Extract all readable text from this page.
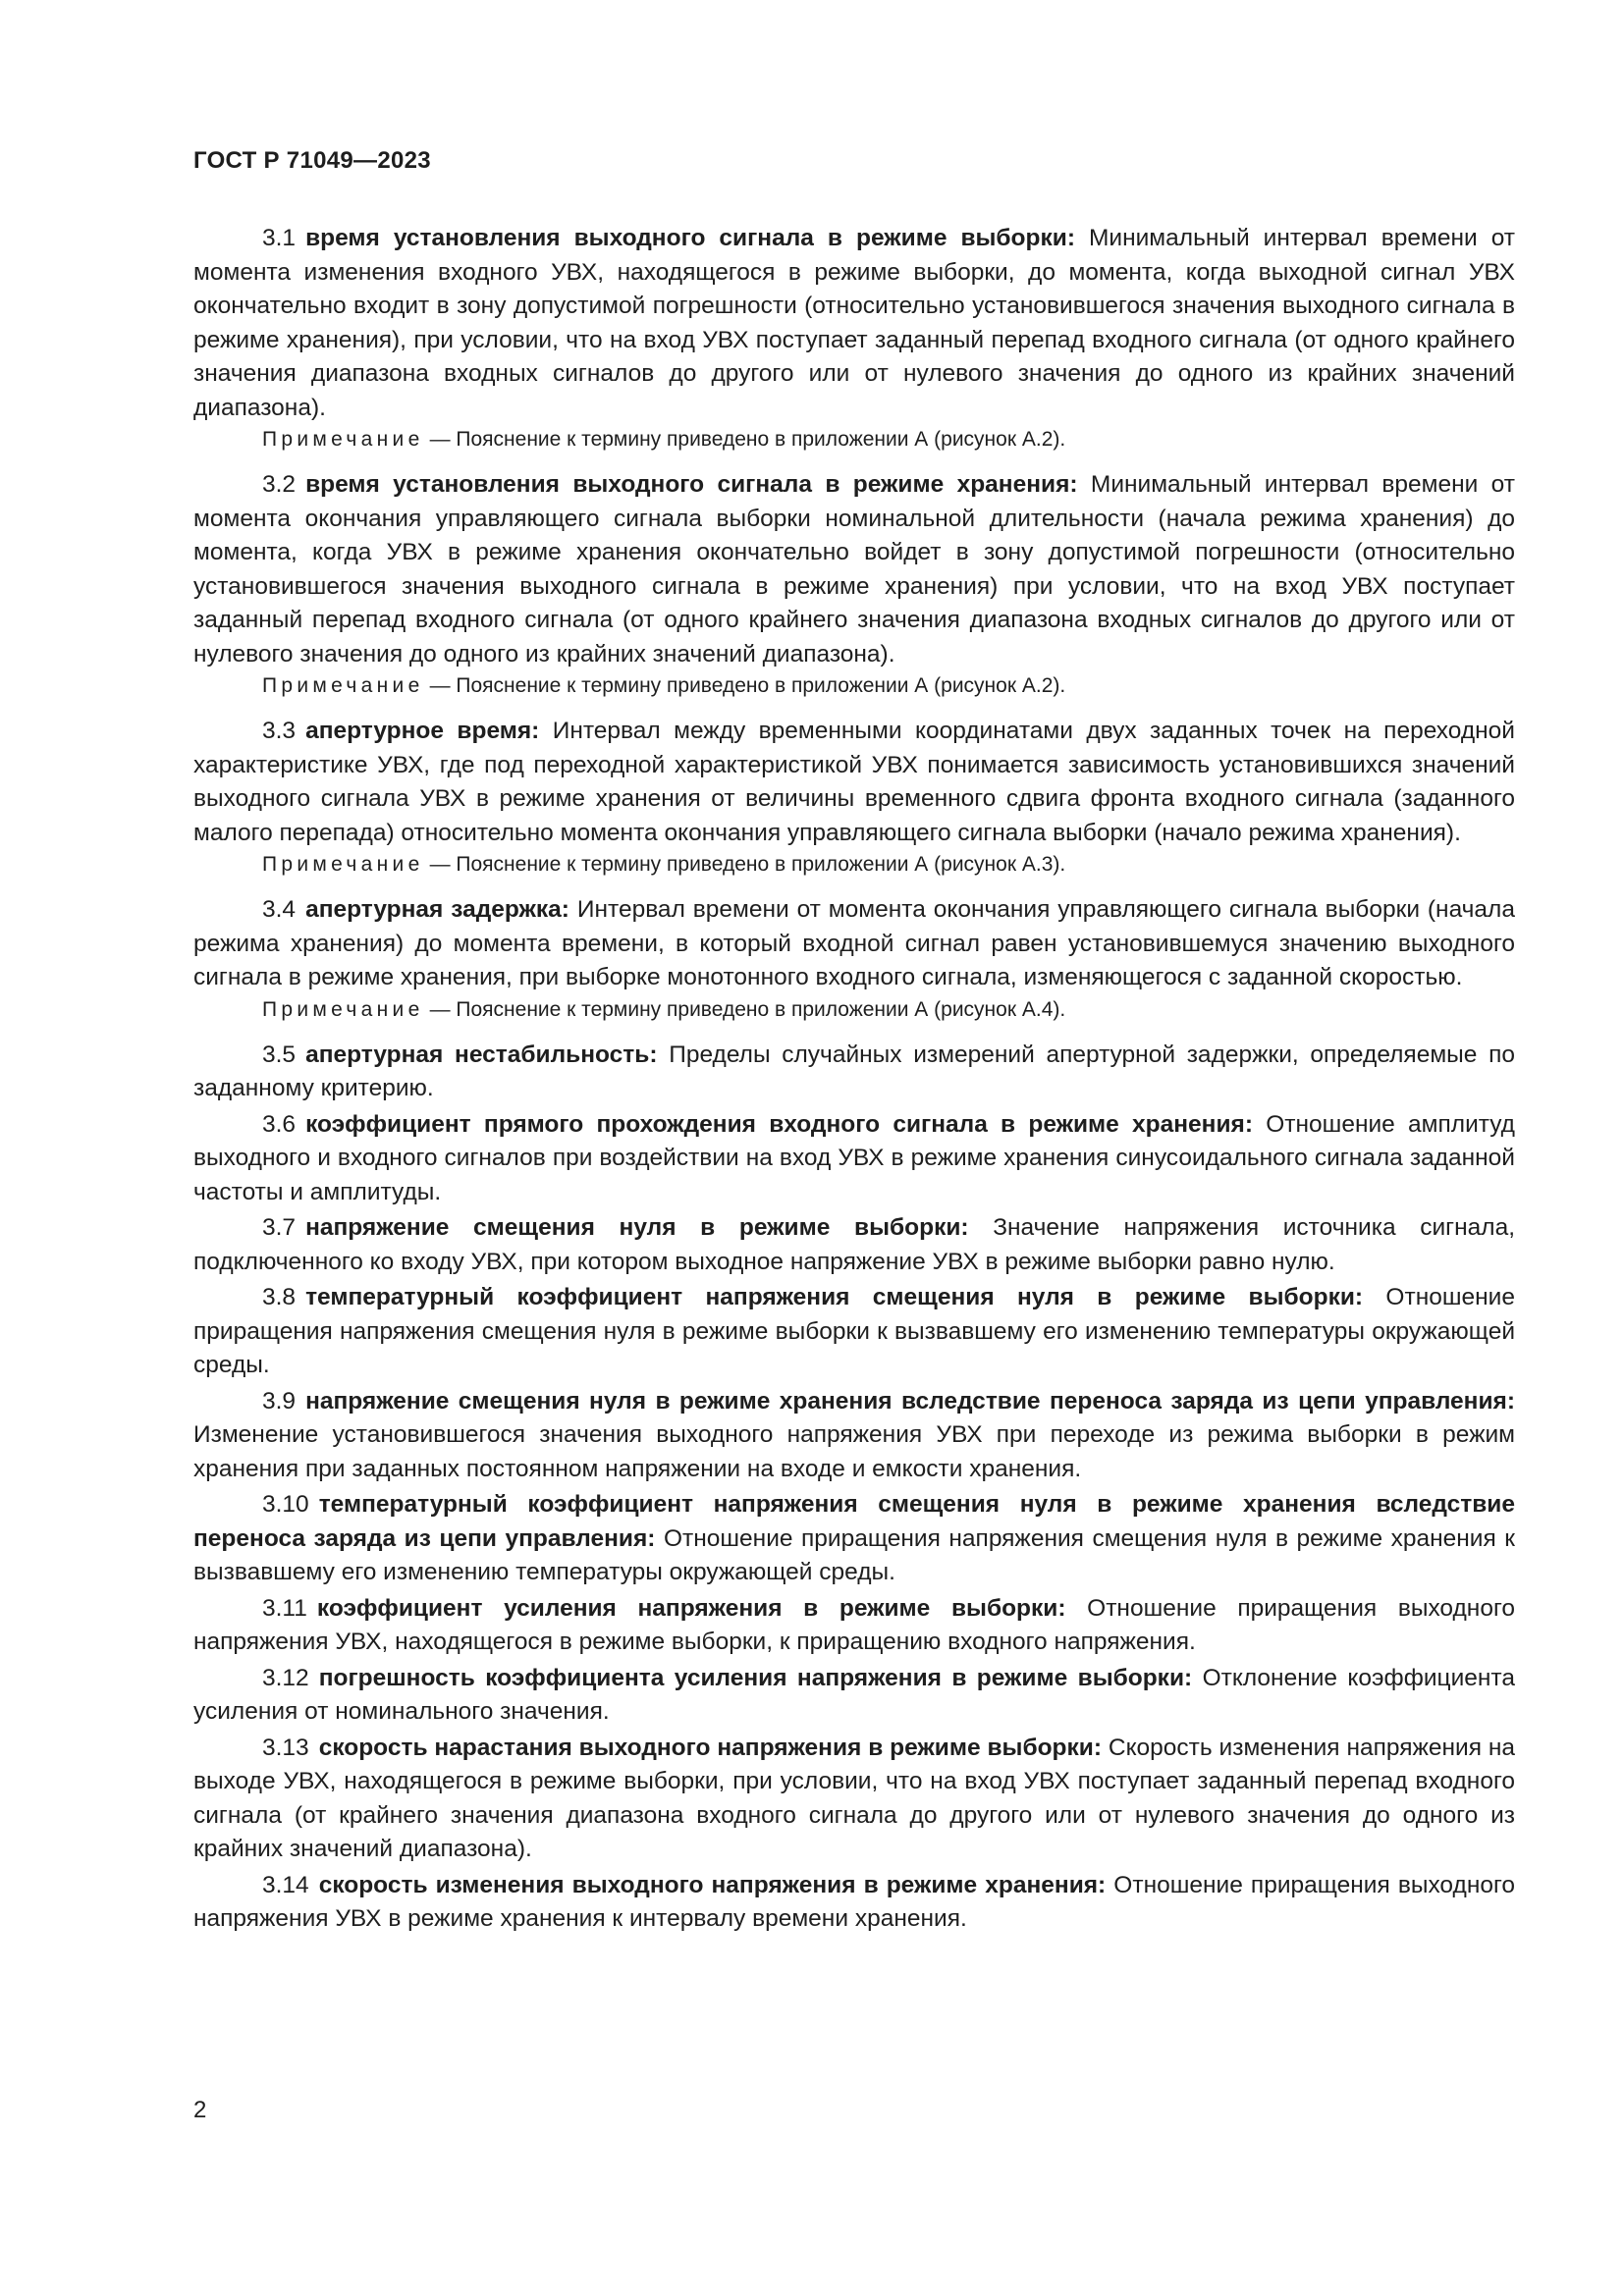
ГОСТ Р 71049—2023

3.1 время установления выходного сигнала в режиме выборки: Минимальный интервал времени от момента изменения входного УВХ, находящегося в режиме выборки, до момента, когда выходной сигнал УВХ окончательно входит в зону допустимой погрешности (относительно установившегося значения выходного сигнала в режиме хранения), при условии, что на вход УВХ поступает заданный перепад входного сигнала (от одного крайнего значения диапазона входных сигналов до другого или от нулевого значения до одного из крайних значений диапазона).

Примечание — Пояснение к термину приведено в приложении А (рисунок А.2).

3.2 время установления выходного сигнала в режиме хранения: Минимальный интервал времени от момента окончания управляющего сигнала выборки номинальной длительности (начала режима хранения) до момента, когда УВХ в режиме хранения окончательно войдет в зону допустимой погрешности (относительно установившегося значения выходного сигнала в режиме хранения) при условии, что на вход УВХ поступает заданный перепад входного сигнала (от одного крайнего значения диапазона входных сигналов до другого или от нулевого значения до одного из крайних значений диапазона).

Примечание — Пояснение к термину приведено в приложении А (рисунок А.2).

3.3 апертурное время: Интервал между временными координатами двух заданных точек на переходной характеристике УВХ, где под переходной характеристикой УВХ понимается зависимость установившихся значений выходного сигнала УВХ в режиме хранения от величины временного сдвига фронта входного сигнала (заданного малого перепада) относительно момента окончания управляющего сигнала выборки (начало режима хранения).

Примечание — Пояснение к термину приведено в приложении А (рисунок А.3).

3.4 апертурная задержка: Интервал времени от момента окончания управляющего сигнала выборки (начала режима хранения) до момента времени, в который входной сигнал равен установившемуся значению выходного сигнала в режиме хранения, при выборке монотонного входного сигнала, изменяющегося с заданной скоростью.

Примечание — Пояснение к термину приведено в приложении А (рисунок А.4).

3.5 апертурная нестабильность: Пределы случайных измерений апертурной задержки, определяемые по заданному критерию.

3.6 коэффициент прямого прохождения входного сигнала в режиме хранения: Отношение амплитуд выходного и входного сигналов при воздействии на вход УВХ в режиме хранения синусоидального сигнала заданной частоты и амплитуды.

3.7 напряжение смещения нуля в режиме выборки: Значение напряжения источника сигнала, подключенного ко входу УВХ, при котором выходное напряжение УВХ в режиме выборки равно нулю.

3.8 температурный коэффициент напряжения смещения нуля в режиме выборки: Отношение приращения напряжения смещения нуля в режиме выборки к вызвавшему его изменению температуры окружающей среды.

3.9 напряжение смещения нуля в режиме хранения вследствие переноса заряда из цепи управления: Изменение установившегося значения выходного напряжения УВХ при переходе из режима выборки в режим хранения при заданных постоянном напряжении на входе и емкости хранения.

3.10 температурный коэффициент напряжения смещения нуля в режиме хранения вследствие переноса заряда из цепи управления: Отношение приращения напряжения смещения нуля в режиме хранения к вызвавшему его изменению температуры окружающей среды.

3.11 коэффициент усиления напряжения в режиме выборки: Отношение приращения выходного напряжения УВХ, находящегося в режиме выборки, к приращению входного напряжения.

3.12 погрешность коэффициента усиления напряжения в режиме выборки: Отклонение коэффициента усиления от номинального значения.

3.13 скорость нарастания выходного напряжения в режиме выборки: Скорость изменения напряжения на выходе УВХ, находящегося в режиме выборки, при условии, что на вход УВХ поступает заданный перепад входного сигнала (от крайнего значения диапазона входного сигнала до другого или от нулевого значения до одного из крайних значений диапазона).

3.14 скорость изменения выходного напряжения в режиме хранения: Отношение приращения выходного напряжения УВХ в режиме хранения к интервалу времени хранения.

2
